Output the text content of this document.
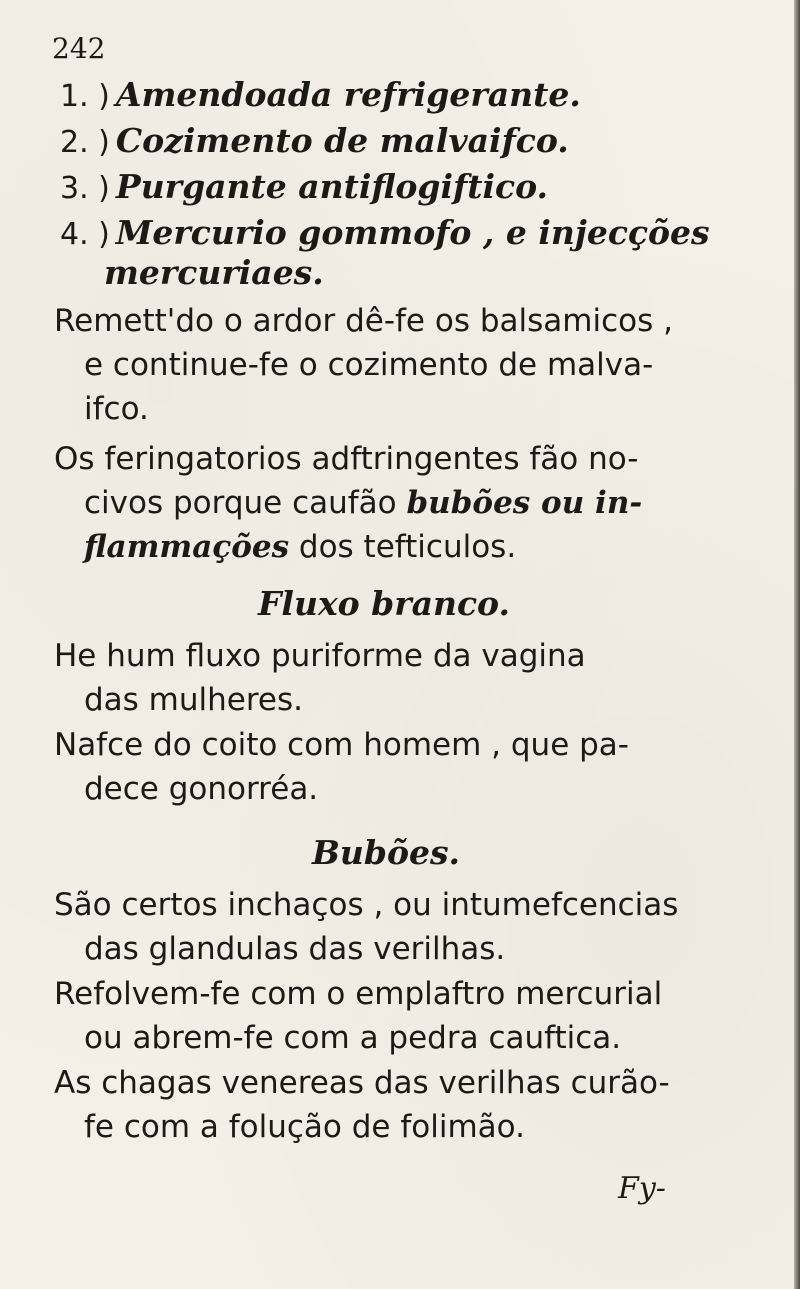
242
1. ) Amendoada refrigerante.
2. ) Cozimento de malvaifco.
3. ) Purgante antiflogiftico.
4. ) Mercurio gommofo , e injecções
mercuriaes.
Remett'do o ardor dê-fe os balsamicos ,
e continue-fe o cozimento de malva-
ifco.
Os feringatorios adftringentes fão no-
civos porque caufão bubões ou in-
flammações dos tefticulos.
Fluxo branco.
He hum fluxo puriforme da vagina
das mulheres.
Nafce do coito com homem , que pa-
dece gonorréa.
Bubões.
São certos inchaços , ou intumefcencias
das glandulas das verilhas.
Refolvem-fe com o emplaftro mercurial
ou abrem-fe com a pedra cauftica.
As chagas venereas das verilhas curão-
fe com a folução de folimão.
Fy-
